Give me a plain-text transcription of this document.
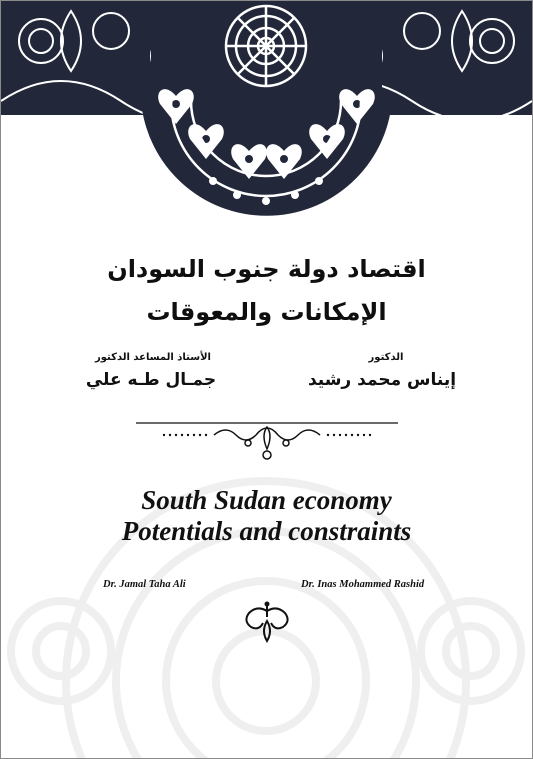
اقتصاد دولة جنوب السودان
الإمكانات والمعوقات
الدكتور
إيناس محمد رشيد
الأستاذ المساعد الدكتور
جمـال طـه علي
South Sudan economy
Potentials and constraints
Dr. Jamal Taha Ali	Dr. Inas Mohammed Rashid
